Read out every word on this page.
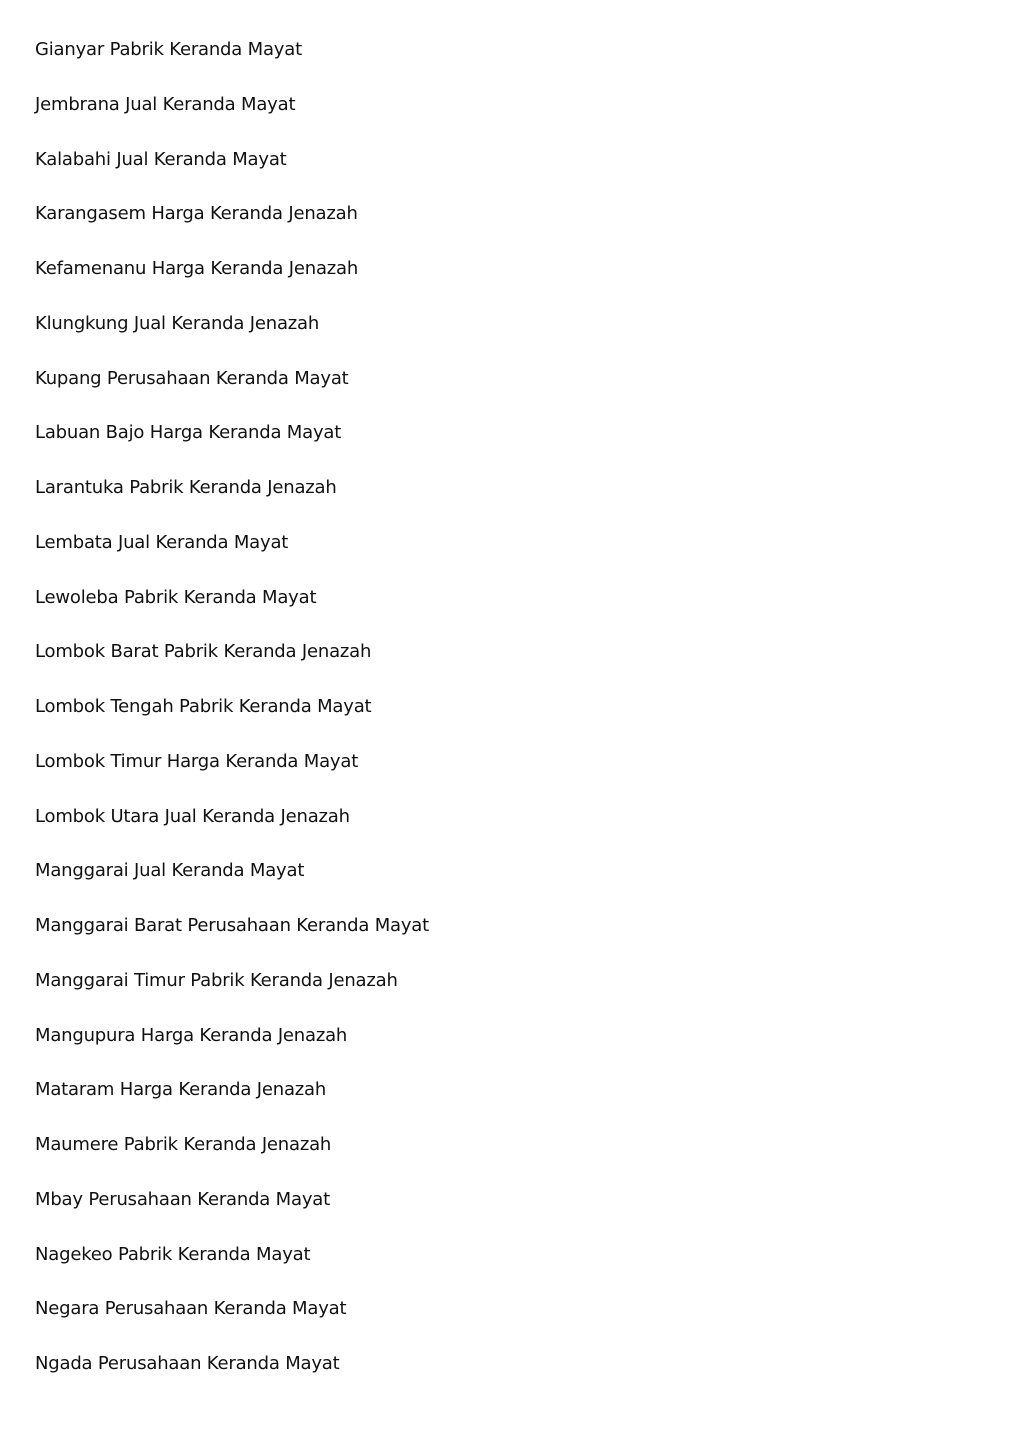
Gianyar Pabrik Keranda Mayat
Jembrana Jual Keranda Mayat
Kalabahi Jual Keranda Mayat
Karangasem Harga Keranda Jenazah
Kefamenanu Harga Keranda Jenazah
Klungkung Jual Keranda Jenazah
Kupang Perusahaan Keranda Mayat
Labuan Bajo Harga Keranda Mayat
Larantuka Pabrik Keranda Jenazah
Lembata Jual Keranda Mayat
Lewoleba Pabrik Keranda Mayat
Lombok Barat Pabrik Keranda Jenazah
Lombok Tengah Pabrik Keranda Mayat
Lombok Timur Harga Keranda Mayat
Lombok Utara Jual Keranda Jenazah
Manggarai Jual Keranda Mayat
Manggarai Barat Perusahaan Keranda Mayat
Manggarai Timur Pabrik Keranda Jenazah
Mangupura Harga Keranda Jenazah
Mataram Harga Keranda Jenazah
Maumere Pabrik Keranda Jenazah
Mbay Perusahaan Keranda Mayat
Nagekeo Pabrik Keranda Mayat
Negara Perusahaan Keranda Mayat
Ngada Perusahaan Keranda Mayat
